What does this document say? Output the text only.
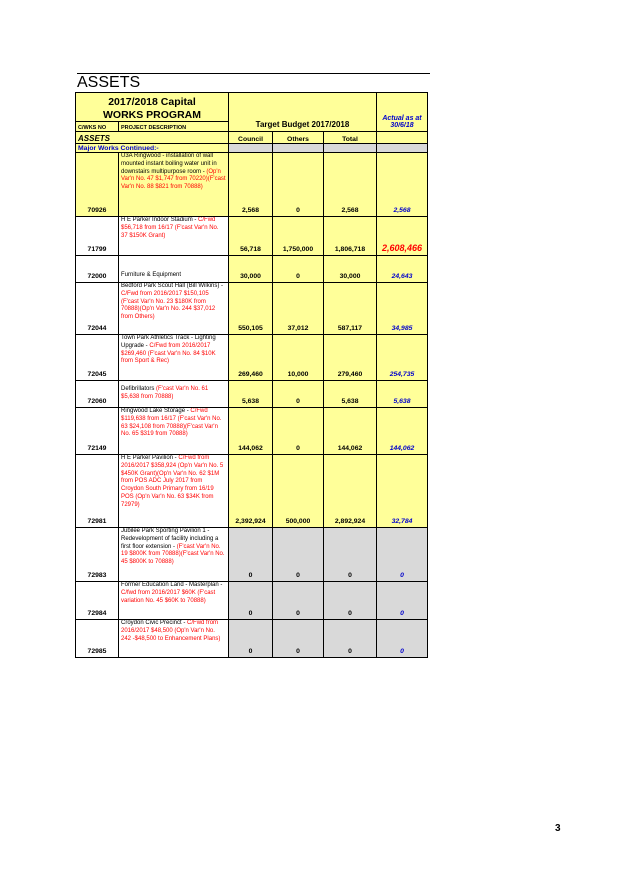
ASSETS
2017/2018 Capital					
WORKS PROGRAM		Target Budget 2017/2018			Actual as at
C/WKS NO	PROJECT DESCRIPTION				30/6/18
ASSETS		Council	Others	Total	
Major Works Continued:-					
70926	U3A Ringwood - installation of wall mounted instant boiling water unit in downstairs multipurpose room - (Op'n Var'n No. 47 $1,747 from 70220)(F'cast Var'n No. 88 $821 from 70888)	2,568	0	2,568	2,568
71799	H E Parker Indoor Stadium - C/Fwd $56,718 from 16/17 (F'cast Var'n No. 37 $150K Grant)	56,718	1,750,000	1,806,718	2,608,466
72000	Furniture & Equipment	30,000	0	30,000	24,643
72044	Bedford Park Scout Hall (Bill Wilkins) - C/Fwd from 2016/2017 $150,105 (F'cast Var'n No. 23 $180K from 70888)(Op'n Var'n No. 244 $37,012 from Others)	550,105	37,012	587,117	34,985
72045	Town Park Athletics Track - Lighting Upgrade - C/Fwd from 2016/2017 $269,460 (F'cast Var'n No. 84 $10K from Sport & Rec)	269,460	10,000	279,460	254,735
72060	Defibrillators (F'cast Var'n No. 61 $5,638 from 70888)	5,638	0	5,638	5,638
72149	Ringwood Lake Storage - C/Fwd $119,638 from 16/17 (F'cast Var'n No. 63 $24,108 from 70888)(F'cast Var'n No. 65 $319 from 70888)	144,062	0	144,062	144,062
72981	H E Parker Pavilion - C/Fwd from 2016/2017 $358,924 (Op'n Var'n No. 5 $450K Grant)(Op'n Var'n No. 62 $1M from POS ADC July 2017 from Croydon South Primary from 16/19 POS (Op'n Var'n No. 63 $34K from 72979)	2,392,924	500,000	2,892,924	32,784
72983	Jubilee Park Sporting Pavilion 1 - Redevelopment of facility including a first floor extension - (F'cast Var'n No. 19 $800K from 70888)(F'cast Var'n No. 45 $800K to 70888)	0	0	0	0
72984	Former Education Land - Masterplan - C/fwd from 2016/2017 $60K (F'cast variation No. 45 $60K to 70888)	0	0	0	0
72985	Croydon Civic Precinct - C/Fwd from 2016/2017 $48,500 (Op'n Var'n No. 242 -$48,500 to Enhancement Plans)	0	0	0	0
3
